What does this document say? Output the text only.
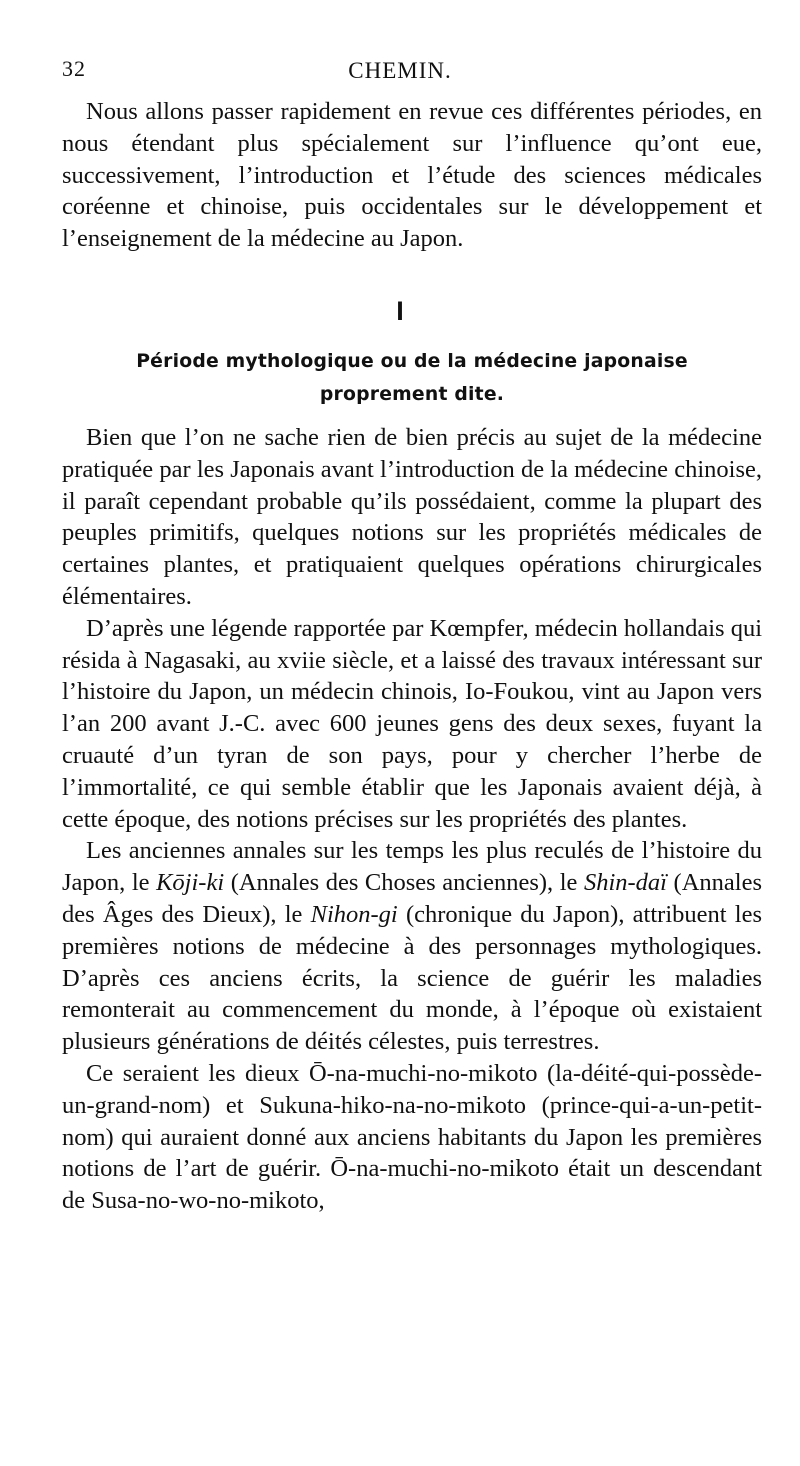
32	CHEMIN.

Nous allons passer rapidement en revue ces différentes périodes, en nous étendant plus spécialement sur l’influence qu’ont eue, successivement, l’introduction et l’étude des sciences médicales coréenne et chinoise, puis occidentales sur le développement et l’enseignement de la médecine au Japon.

I
Période mythologique ou de la médecine japonaise
proprement dite.

Bien que l’on ne sache rien de bien précis au sujet de la médecine pratiquée par les Japonais avant l’introduction de la médecine chinoise, il paraît cependant probable qu’ils possédaient, comme la plupart des peuples primitifs, quelques notions sur les propriétés médicales de certaines plantes, et pratiquaient quelques opérations chirurgicales élémentaires.

D’après une légende rapportée par Kœmpfer, médecin hollandais qui résida à Nagasaki, au xviie siècle, et a laissé des travaux intéressant sur l’histoire du Japon, un médecin chinois, Io-Foukou, vint au Japon vers l’an 200 avant J.-C. avec 600 jeunes gens des deux sexes, fuyant la cruauté d’un tyran de son pays, pour y chercher l’herbe de l’immortalité, ce qui semble établir que les Japonais avaient déjà, à cette époque, des notions précises sur les propriétés des plantes.

Les anciennes annales sur les temps les plus reculés de l’histoire du Japon, le Kōji-ki (Annales des Choses anciennes), le Shin-daï (Annales des Âges des Dieux), le Nihon-gi (chronique du Japon), attribuent les premières notions de médecine à des personnages mythologiques. D’après ces anciens écrits, la science de guérir les maladies remonterait au commencement du monde, à l’époque où existaient plusieurs générations de déités célestes, puis terrestres.

Ce seraient les dieux Ō-na-muchi-no-mikoto (la-déité-qui-possède-un-grand-nom) et Sukuna-hiko-na-no-mikoto (prince-qui-a-un-petit-nom) qui auraient donné aux anciens habitants du Japon les premières notions de l’art de guérir. Ō-na-muchi-no-mikoto était un descendant de Susa-no-wo-no-mikoto,
